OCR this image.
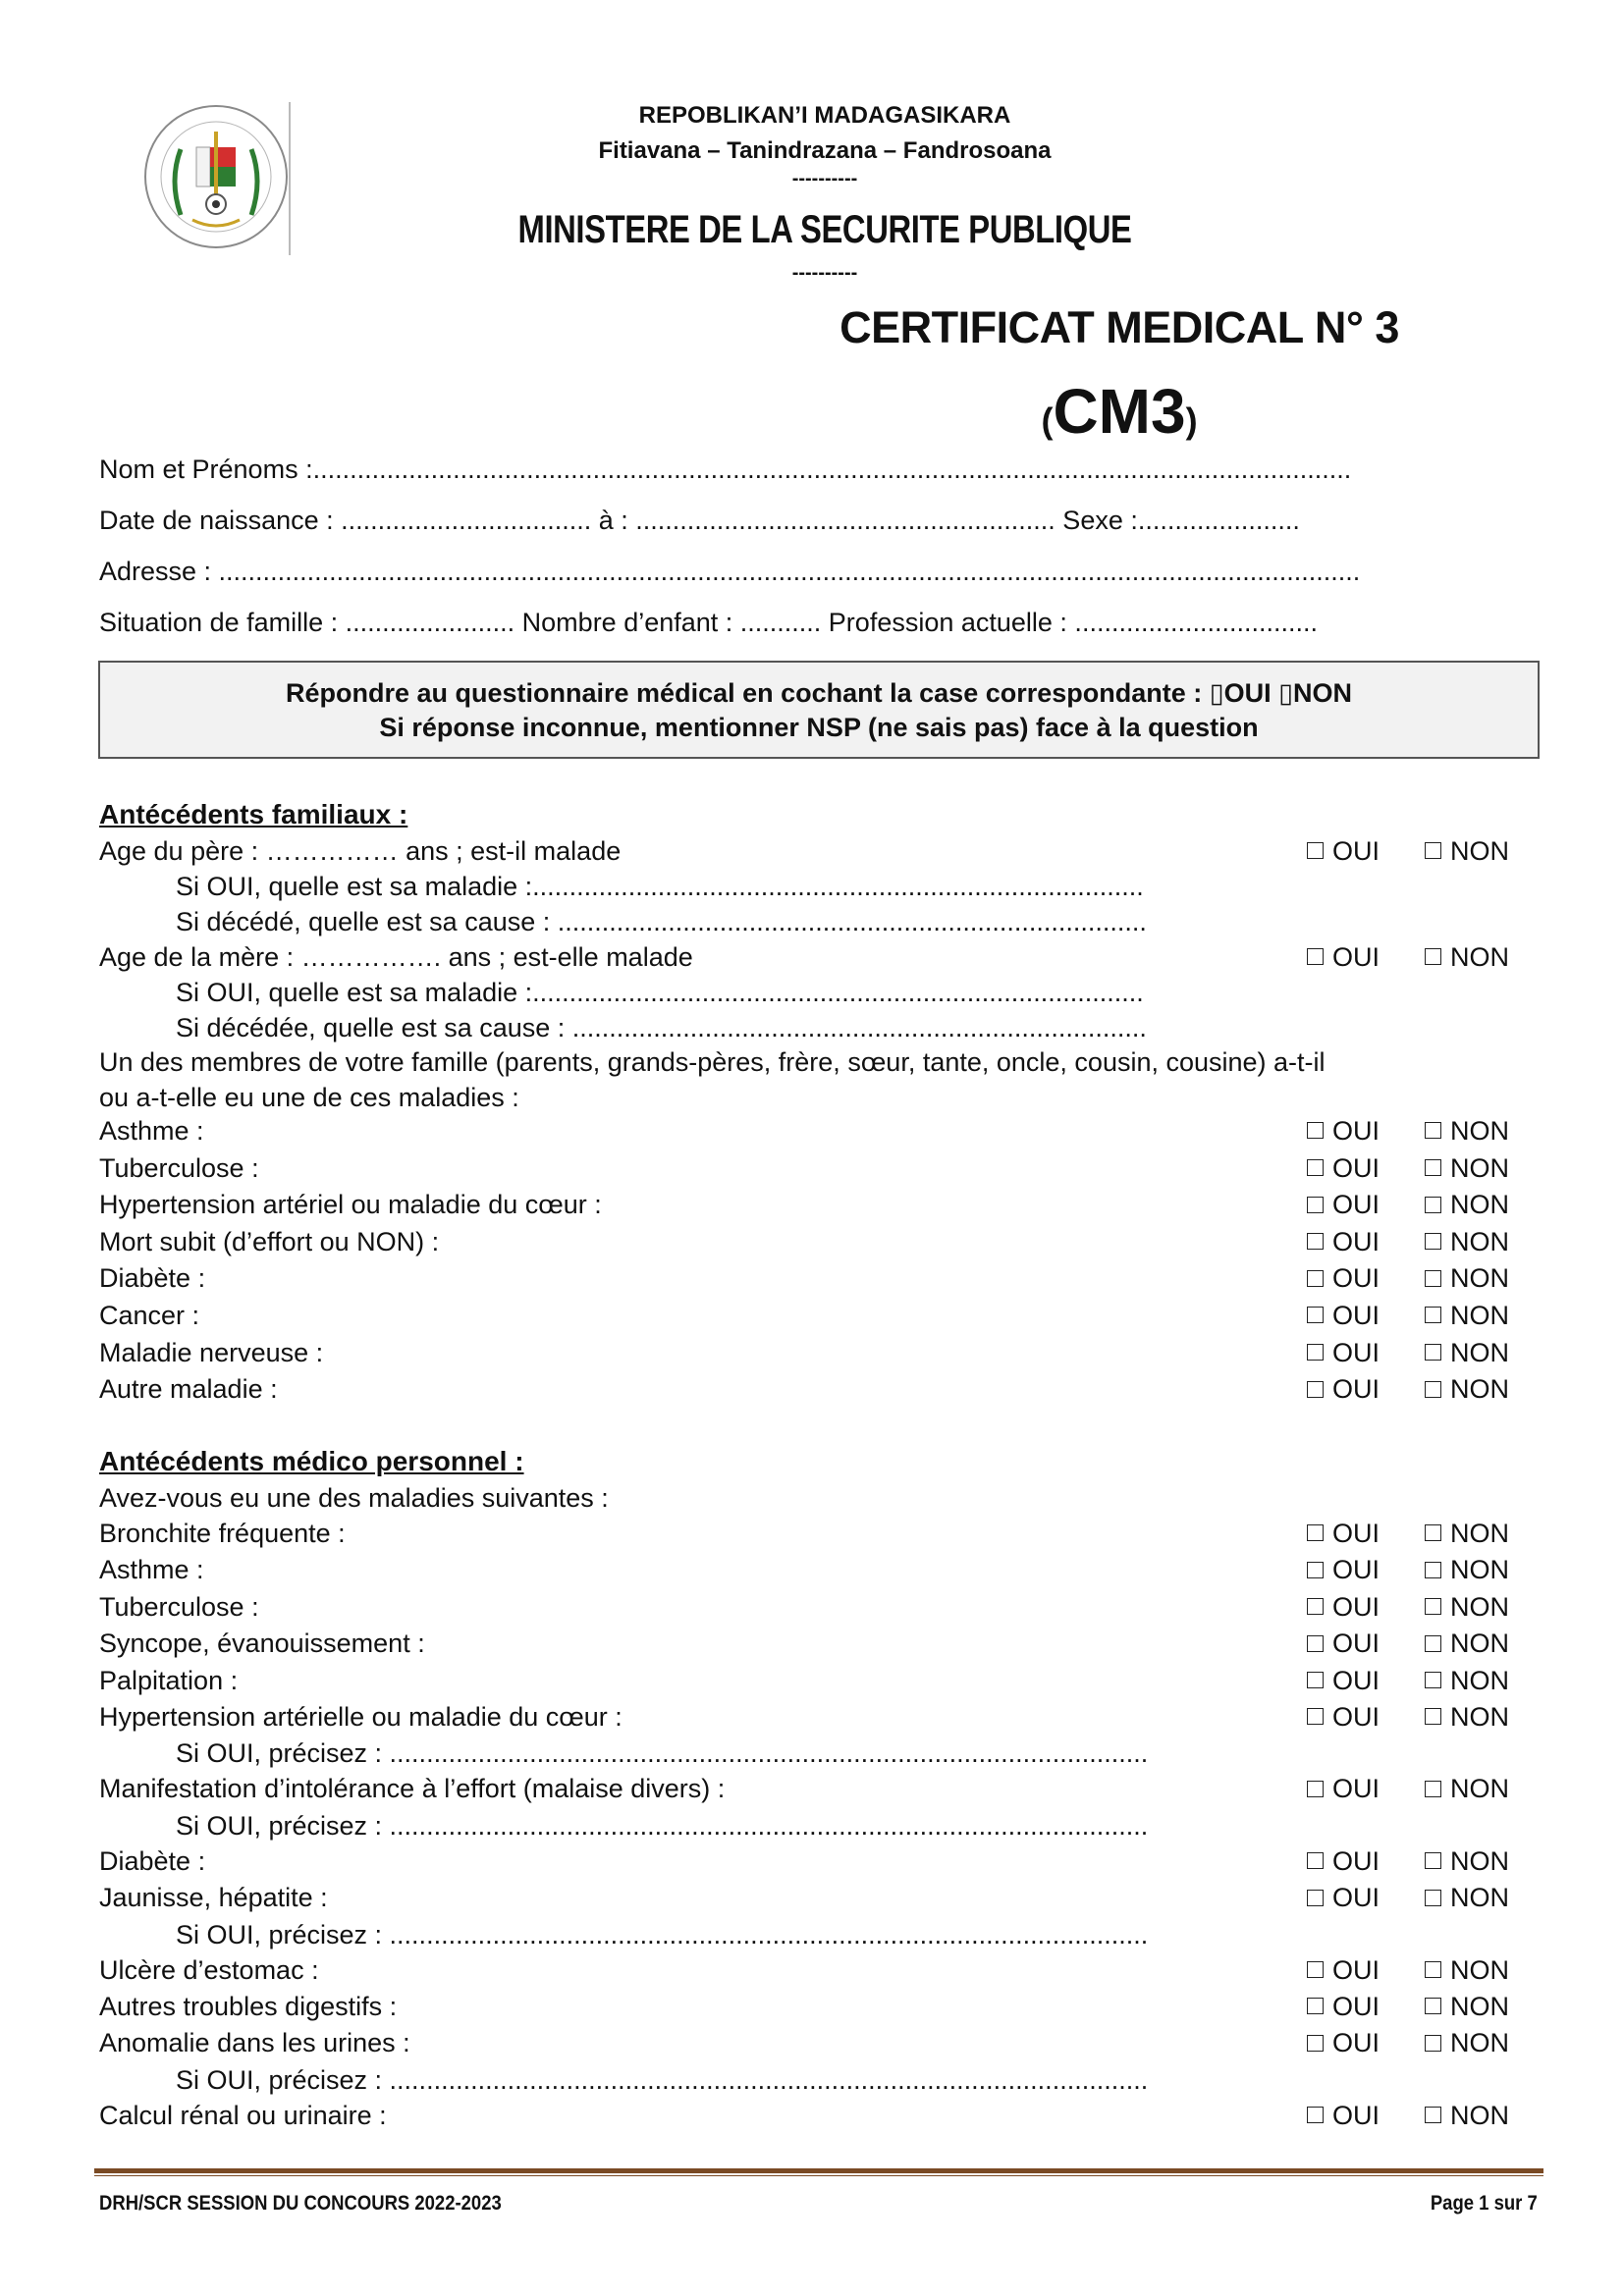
REPOBLIKAN’I MADAGASIKARA
Fitiavana – Tanindrazana – Fandrosoana
----------
MINISTERE DE LA SECURITE PUBLIQUE
----------
CERTIFICAT MEDICAL N° 3
(CM3)
Nom et Prénoms :.............................................................................................................................................
Date de naissance : .................................. à : ......................................................... Sexe :......................
Adresse : ...........................................................................................................................................................
Situation de famille : ....................... Nombre d’enfant : ........... Profession actuelle : .................................
Répondre au questionnaire médical en cochant la case correspondante : ▯OUI ▯NON
Si réponse inconnue, mentionner NSP (ne sais pas) face à la question
Antécédents familiaux :
Age du père : …………… ans ; est-il malade	OUI	NON
Si OUI, quelle est sa maladie :...................................................................................
Si décédé, quelle est sa cause : ................................................................................
Age de la mère : ……………. ans ; est-elle malade	OUI	NON
Si OUI, quelle est sa maladie :...................................................................................
Si décédée, quelle est sa cause : ..............................................................................
Un des membres de votre famille (parents, grands-pères, frère, sœur, tante, oncle, cousin, cousine) a-t-il
ou a-t-elle eu une de ces maladies :
Asthme :	OUI	NON
Tuberculose :	OUI	NON
Hypertension artériel ou maladie du cœur :	OUI	NON
Mort subit (d’effort ou NON) :	OUI	NON
Diabète :	OUI	NON
Cancer :	OUI	NON
Maladie nerveuse :	OUI	NON
Autre maladie :	OUI	NON
Antécédents médico personnel :
Avez-vous eu une des maladies suivantes :
Bronchite fréquente :	OUI	NON
Asthme :	OUI	NON
Tuberculose :	OUI	NON
Syncope, évanouissement :	OUI	NON
Palpitation :	OUI	NON
Hypertension artérielle ou maladie du cœur :	OUI	NON
Si OUI, précisez : .......................................................................................................
Manifestation d’intolérance à l’effort (malaise divers) :	OUI	NON
Si OUI, précisez : .......................................................................................................
Diabète :	OUI	NON
Jaunisse, hépatite :	OUI	NON
Si OUI, précisez : .......................................................................................................
Ulcère d’estomac :	OUI	NON
Autres troubles digestifs :	OUI	NON
Anomalie dans les urines :	OUI	NON
Si OUI, précisez : .......................................................................................................
Calcul rénal ou urinaire :	OUI	NON
DRH/SCR SESSION DU CONCOURS 2022-2023	Page 1 sur 7
